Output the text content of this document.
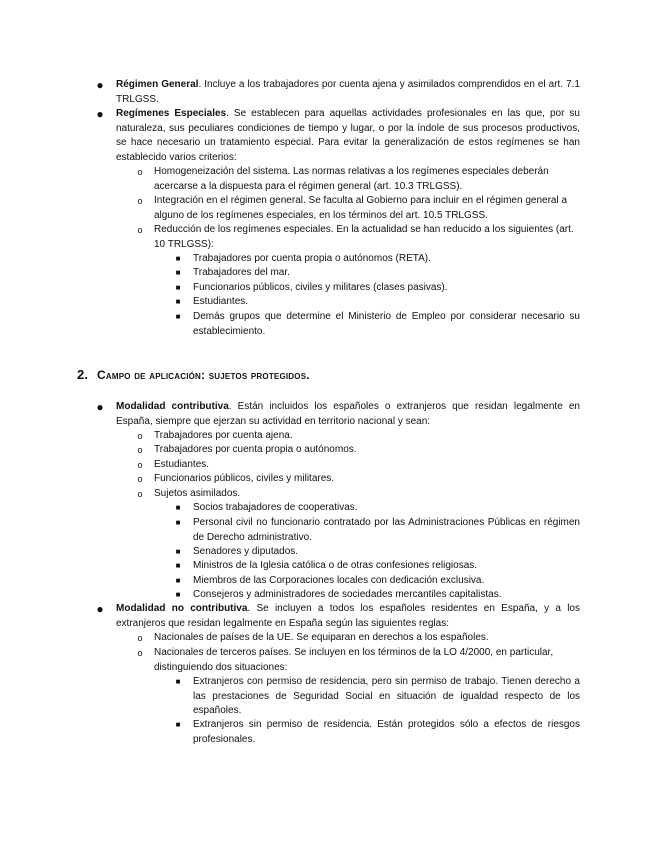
● Régimen General. Incluye a los trabajadores por cuenta ajena y asimilados comprendidos en el art. 7.1 TRLGSS.
● Regímenes Especiales. Se establecen para aquellas actividades profesionales en las que, por su naturaleza, sus peculiares condiciones de tiempo y lugar, o por la índole de sus procesos productivos, se hace necesario un tratamiento especial. Para evitar la generalización de estos regímenes se han establecido varios criterios:
o Homogeneización del sistema. Las normas relativas a los regímenes especiales deberán acercarse a la dispuesta para el régimen general (art. 10.3 TRLGSS).
o Integración en el régimen general. Se faculta al Gobierno para incluir en el régimen general a alguno de los regímenes especiales, en los términos del art. 10.5 TRLGSS.
o Reducción de los regímenes especiales. En la actualidad se han reducido a los siguientes (art. 10 TRLGSS):
■ Trabajadores por cuenta propia o autónomos (RETA).
■ Trabajadores del mar.
■ Funcionarios públicos, civiles y militares (clases pasivas).
■ Estudiantes.
■ Demás grupos que determine el Ministerio de Empleo por considerar necesario su establecimiento.
2. Campo de aplicación: sujetos protegidos.
● Modalidad contributiva. Están incluidos los españoles o extranjeros que residan legalmente en España, siempre que ejerzan su actividad en territorio nacional y sean:
o Trabajadores por cuenta ajena.
o Trabajadores por cuenta propia o autónomos.
o Estudiantes.
o Funcionarios públicos, civiles y militares.
o Sujetos asimilados.
■ Socios trabajadores de cooperativas.
■ Personal civil no funcionario contratado por las Administraciones Públicas en régimen de Derecho administrativo.
■ Senadores y diputados.
■ Ministros de la Iglesia católica o de otras confesiones religiosas.
■ Miembros de las Corporaciones locales con dedicación exclusiva.
■ Consejeros y administradores de sociedades mercantiles capitalistas.
● Modalidad no contributiva. Se incluyen a todos los españoles residentes en España, y a los extranjeros que residan legalmente en España según las siguientes reglas:
o Nacionales de países de la UE. Se equiparan en derechos a los españoles.
o Nacionales de terceros países. Se incluyen en los términos de la LO 4/2000, en particular, distinguiendo dos situaciones:
■ Extranjeros con permiso de residencia, pero sin permiso de trabajo. Tienen derecho a las prestaciones de Seguridad Social en situación de igualdad respecto de los españoles.
■ Extranjeros sin permiso de residencia. Están protegidos sólo a efectos de riesgos profesionales.
